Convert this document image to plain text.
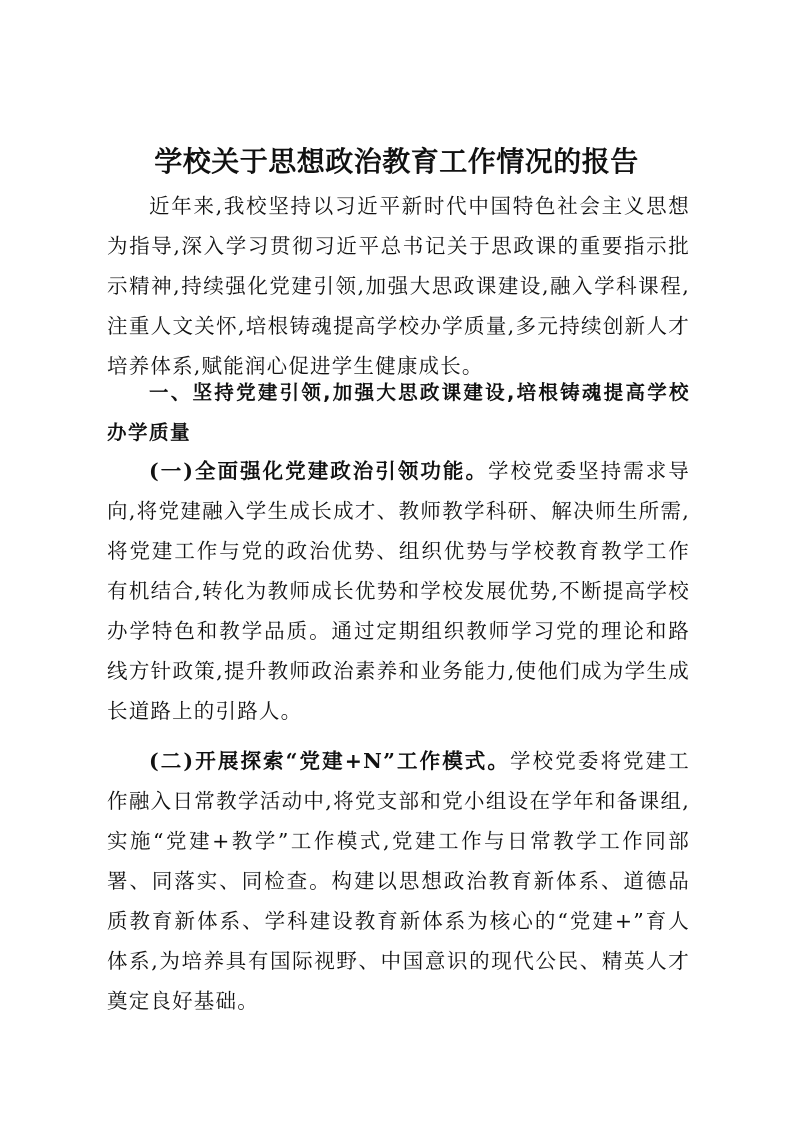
学校关于思想政治教育工作情况的报告

近年来,我校坚持以习近平新时代中国特色社会主义思想为指导,深入学习贯彻习近平总书记关于思政课的重要指示批示精神,持续强化党建引领,加强大思政课建设,融入学科课程,注重人文关怀,培根铸魂提高学校办学质量,多元持续创新人才培养体系,赋能润心促进学生健康成长。

一、坚持党建引领,加强大思政课建设,培根铸魂提高学校办学质量

(一)全面强化党建政治引领功能。学校党委坚持需求导向,将党建融入学生成长成才、教师教学科研、解决师生所需,将党建工作与党的政治优势、组织优势与学校教育教学工作有机结合,转化为教师成长优势和学校发展优势,不断提高学校办学特色和教学品质。通过定期组织教师学习党的理论和路线方针政策,提升教师政治素养和业务能力,使他们成为学生成长道路上的引路人。

(二)开展探索“党建+N”工作模式。学校党委将党建工作融入日常教学活动中,将党支部和党小组设在学年和备课组,实施“党建+教学”工作模式,党建工作与日常教学工作同部署、同落实、同检查。构建以思想政治教育新体系、道德品质教育新体系、学科建设教育新体系为核心的“党建+”育人体系,为培养具有国际视野、中国意识的现代公民、精英人才奠定良好基础。
